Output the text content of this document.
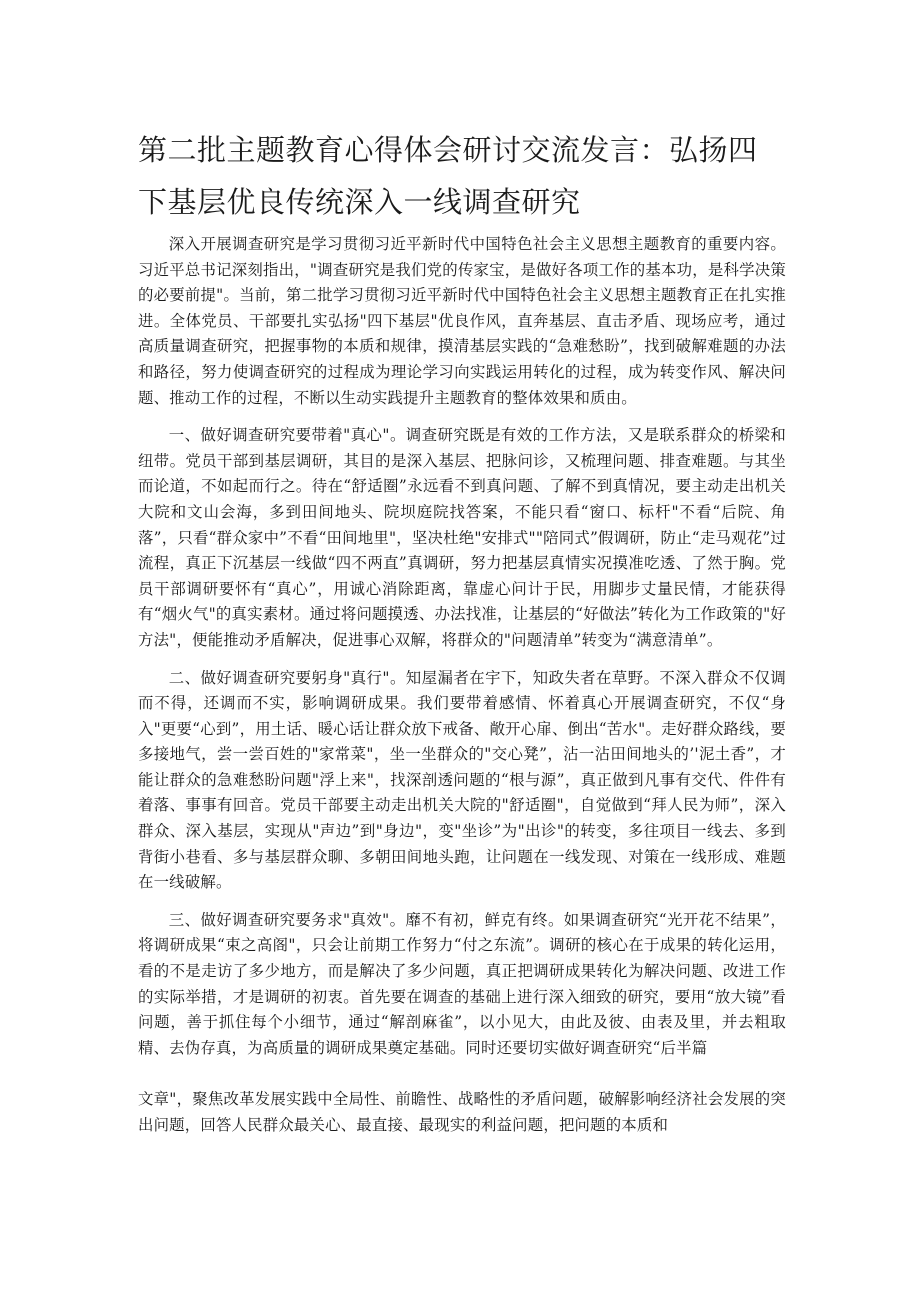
第二批主题教育心得体会研讨交流发言：弘扬四下基层优良传统深入一线调查研究

深入开展调查研究是学习贯彻习近平新时代中国特色社会主义思想主题教育的重要内容。习近平总书记深刻指出，"调查研究是我们党的传家宝，是做好各项工作的基本功，是科学决策的必要前提"。当前，第二批学习贯彻习近平新时代中国特色社会主义思想主题教育正在扎实推进。全体党员、干部要扎实弘扬"四下基层"优良作风，直奔基层、直击矛盾、现场应考，通过高质量调查研究，把握事物的本质和规律，摸清基层实践的“急难愁盼”，找到破解难题的办法和路径，努力使调查研究的过程成为理论学习向实践运用转化的过程，成为转变作风、解决问题、推动工作的过程，不断以生动实践提升主题教育的整体效果和质由。

一、做好调查研究要带着"真心"。调查研究既是有效的工作方法，又是联系群众的桥梁和纽带。党员干部到基层调研，其目的是深入基层、把脉问诊，又梳理问题、排查难题。与其坐而论道，不如起而行之。待在“舒适圈”永远看不到真问题、了解不到真情况，要主动走出机关大院和文山会海，多到田间地头、院坝庭院找答案，不能只看“窗口、标杆"不看“后院、角落”，只看“群众家中”不看“田间地里"，坚决杜绝"安排式""陪同式”假调研，防止“走马观花”过流程，真正下沉基层一线做“四不两直”真调研，努力把基层真情实况摸准吃透、了然于胸。党员干部调研要怀有“真心”，用诚心消除距离，靠虚心问计于民，用脚步丈量民情，才能获得有“烟火气"的真实素材。通过将问题摸透、办法找准，让基层的“好做法”转化为工作政策的"好方法"，便能推动矛盾解决，促进事心双解，将群众的"问题清单”转变为“满意清单”。

二、做好调查研究要躬身"真行"。知屋漏者在宇下，知政失者在草野。不深入群众不仅调而不得，还调而不实，影响调研成果。我们要带着感情、怀着真心开展调查研究，不仅“身入"更要“心到”，用土话、暖心话让群众放下戒备、敞开心扉、倒出“苦水"。走好群众路线，要多接地气，尝一尝百姓的"家常菜"，坐一坐群众的"交心凳”，沾一沾田间地头的’'泥土香”，才能让群众的急难愁盼问题"浮上来"，找深剖透问题的“根与源”，真正做到凡事有交代、件件有着落、事事有回音。党员干部要主动走出机关大院的"舒适圈"，自觉做到“拜人民为师”，深入群众、深入基层，实现从"声边”到"身边"，变"坐诊”为"出诊"的转变，多往项目一线去、多到背街小巷看、多与基层群众聊、多朝田间地头跑，让问题在一线发现、对策在一线形成、难题在一线破解。

三、做好调查研究要务求"真效"。靡不有初，鲜克有终。如果调查研究“光开花不结果”，将调研成果“束之高阁"，只会让前期工作努力“付之东流”。调研的核心在于成果的转化运用，看的不是走访了多少地方，而是解决了多少问题，真正把调研成果转化为解决问题、改进工作的实际举措，才是调研的初衷。首先要在调查的基础上进行深入细致的研究，要用“放大镜”看问题，善于抓住每个小细节，通过“解剖麻雀”，以小见大，由此及彼、由表及里，并去粗取精、去伪存真，为高质量的调研成果奠定基础。同时还要切实做好调查研究“后半篇

文章"，聚焦改革发展实践中全局性、前瞻性、战略性的矛盾问题，破解影响经济社会发展的突出问题，回答人民群众最关心、最直接、最现实的利益问题，把问题的本质和
